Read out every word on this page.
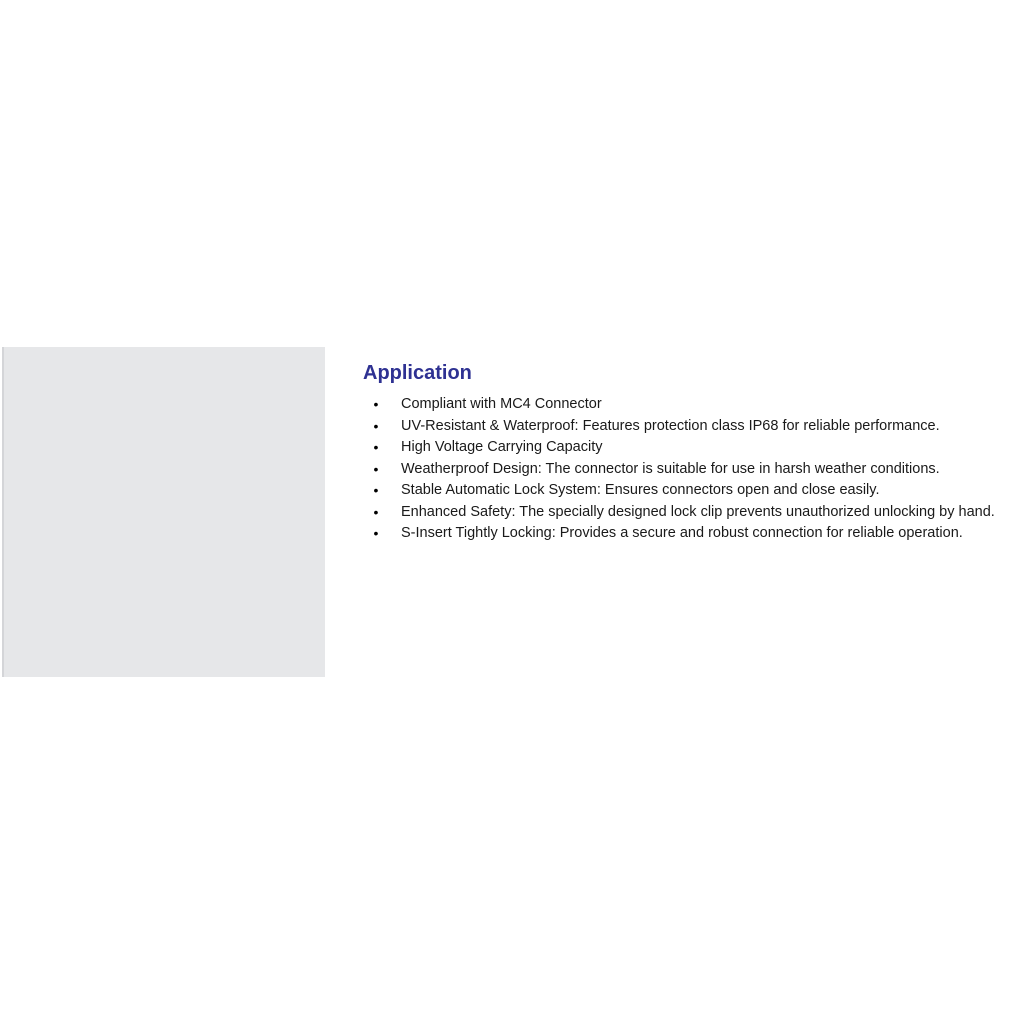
Application
• Compliant with MC4 Connector
• UV-Resistant & Waterproof: Features protection class IP68 for reliable performance.
• High Voltage Carrying Capacity
• Weatherproof Design: The connector is suitable for use in harsh weather conditions.
• Stable Automatic Lock System: Ensures connectors open and close easily.
• Enhanced Safety: The specially designed lock clip prevents unauthorized unlocking by hand.
• S-Insert Tightly Locking: Provides a secure and robust connection for reliable operation.
